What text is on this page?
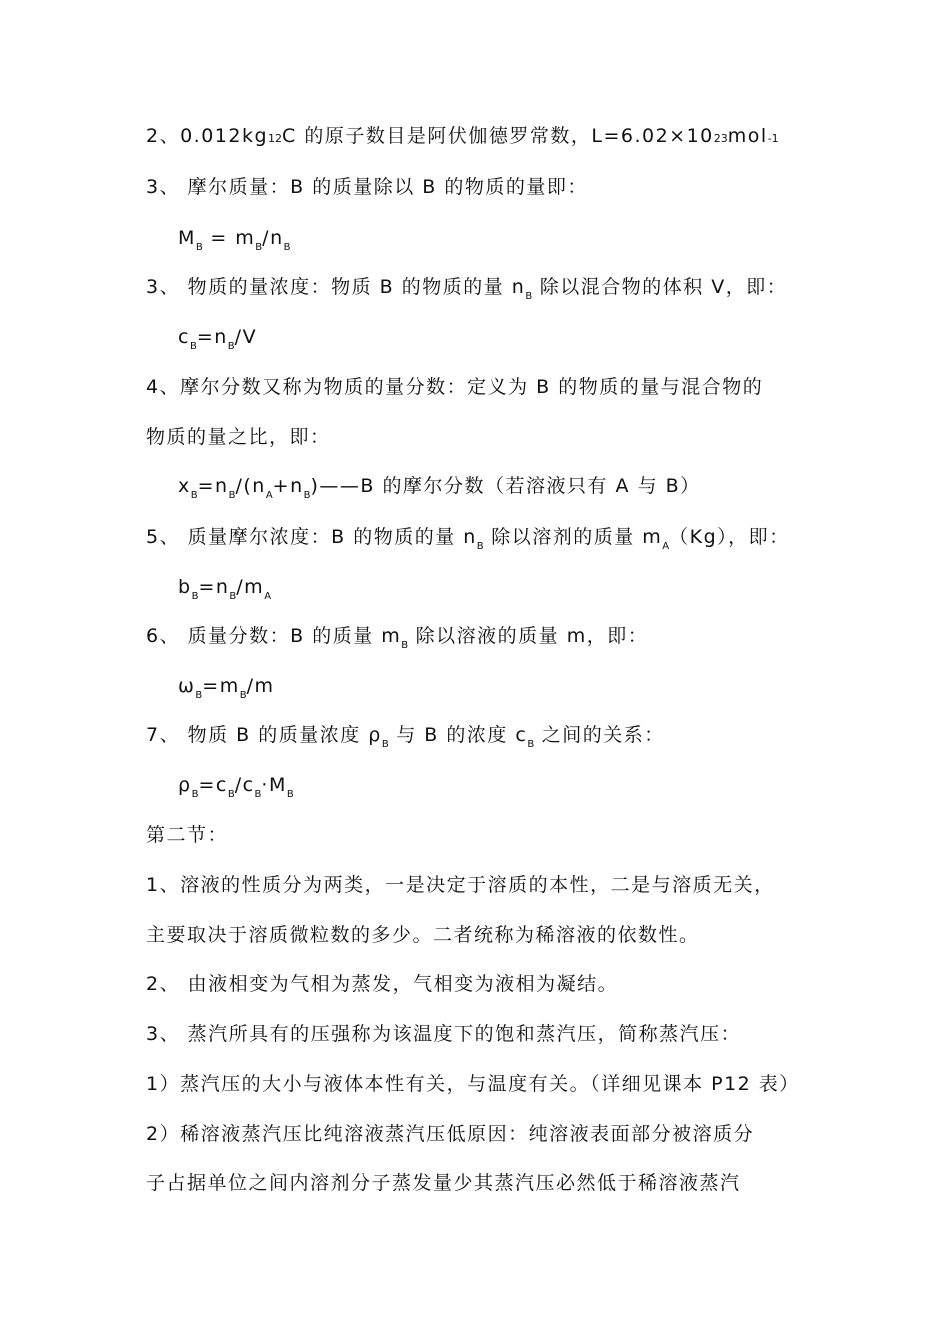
2、0.012kg12C 的原子数目是阿伏伽德罗常数，L=6.02×1023mol-1
3、 摩尔质量：B 的质量除以 B 的物质的量即：
$M_B = m_B/n_B$
3、 物质的量浓度：物质 B 的物质的量 $n_B$ 除以混合物的体积 V，即：
$c_B=n_B/V$
4、摩尔分数又称为物质的量分数：定义为 B 的物质的量与混合物的
物质的量之比，即：
$x_B=n_B/(n_A+n_B)——B$ 的摩尔分数（若溶液只有 A 与 B）
5、 质量摩尔浓度：B 的物质的量 $n_B$ 除以溶剂的质量 $m_A(Kg)$，即：
$b_B=n_B/m_A$
6、 质量分数：B 的质量 $m_B$ 除以溶液的质量 m，即：
$\omega_B=m_B/m$
7、 物质 B 的质量浓度 $\rho_B$ 与 B 的浓度 $c_B$ 之间的关系：
$\rho_B=c_B/c_B\cdot M_B$
第二节：
1、溶液的性质分为两类，一是决定于溶质的本性，二是与溶质无关，
主要取决于溶质微粒数的多少。二者统称为稀溶液的依数性。
2、 由液相变为气相为蒸发，气相变为液相为凝结。
3、 蒸汽所具有的压强称为该温度下的饱和蒸汽压，简称蒸汽压：
1）蒸汽压的大小与液体本性有关，与温度有关。（详细见课本 P12 表）
2）稀溶液蒸汽压比纯溶液蒸汽压低原因：纯溶液表面部分被溶质分
子占据单位之间内溶剂分子蒸发量少其蒸汽压必然低于稀溶液蒸汽
